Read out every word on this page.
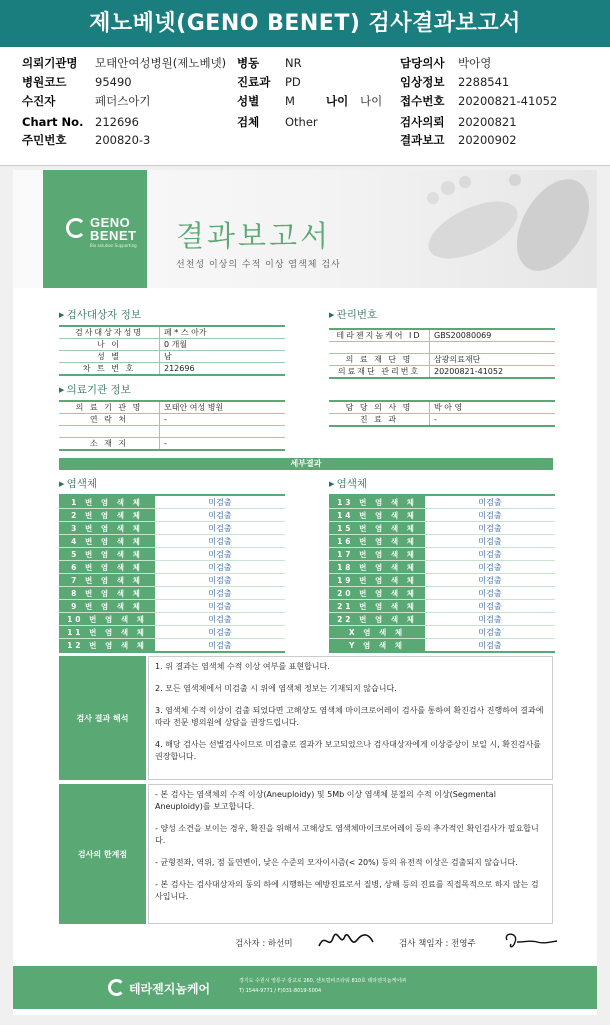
제노베넷(GENO BENET) 검사결과보고서
의뢰기관명 모태안여성병원(제노베넷) 병동 NR	담당의사 박아영
병원코드 95490	진료과 PD	임상정보 2288541
수진자	페더스아기	성별 M	나이 나이 접수번호 20200821-41052
Chart No. 212696	검체 Other	검사의뢰 20200821
주민번호 200820-3	결과보고 20200902
GENO
BENET
Bio solution Supporting 결과보고서
선천성 이상의 수적 이상 염색체 검사
▶ 검사대상자 정보
검사대상자성명	페 * 스 아가
나 이	0 개월
성 별	남
차 트 번 호	212696
▶ 관리번호
테라젠지놈케어 ID	GBS20080069

의 료 재 단 명	삼광의료재단
의료재단 관리번호	20200821-41052
▶ 의료기관 정보
의 료 기 관 명	모태안 여성 병원
연 락 처	-

소 재 지	-
담 당 의 사 명	박 아 영
진 료 과	-
세부결과
▶ 염색체	▶ 염색체
1 번 염 색 체	미검출
2 번 염 색 체	미검출
3 번 염 색 체	미검출
4 번 염 색 체	미검출
5 번 염 색 체	미검출
6 번 염 색 체	미검출
7 번 염 색 체	미검출
8 번 염 색 체	미검출
9 번 염 색 체	미검출
10 번 염 색 체	미검출
11 번 염 색 체	미검출
12 번 염 색 체	미검출
13 번 염 색 체	미검출
14 번 염 색 체	미검출
15 번 염 색 체	미검출
16 번 염 색 체	미검출
17 번 염 색 체	미검출
18 번 염 색 체	미검출
19 번 염 색 체	미검출
20 번 염 색 체	미검출
21 번 염 색 체	미검출
22 번 염 색 체	미검출
X 염 색 체	미검출
Y 염 색 체	미검출
검사 결과 해석

1. 위 결과는 염색체 수적 이상 여부를 표현합니다.

2. 모든 염색체에서 미검출 시 위에 염색체 정보는 기재되지 않습니다.

3. 염색체 수적 이상이 검출 되었다면 고해상도 염색체 마이크로어레이 검사를 통하여 확진검사 진행하여 결과에 따라 전문 병의원에 상담을 권장드립니다.

4. 해당 검사는 선별검사이므로 미검출로 결과가 보고되었으나 검사대상자에게 이상증상이 보일 시, 확진검사를 권장합니다.

검사의 한계점

- 본 검사는 염색체의 수적 이상(Aneuploidy) 및 5Mb 이상 염색체 분절의 수적 이상(Segmental Aneuploidy)를 보고합니다.

- 양성 소견을 보이는 경우, 확진을 위해서 고해상도 염색체마이크로어레이 등의 추가적인 확인검사가 필요합니다.

- 균형전좌, 역위, 점 돌연변이, 낮은 수준의 모자이시즘(< 20%) 등의 유전적 이상은 검출되지 않습니다.

- 본 검사는 검사대상자의 동의 하에 시행하는 예방진료로서 질병, 상해 등의 진료를 직접목적으로 하지 않는 검사입니다.

검사자 : 하선미	검사 책임자 : 전영주
테라젠지놈케어
경기도 수원시 영통구 광교로 260, 센트럴비즈타워 810호 테라젠지놈케어㈜
T) 1544-9771 / F)031-8019-5004
